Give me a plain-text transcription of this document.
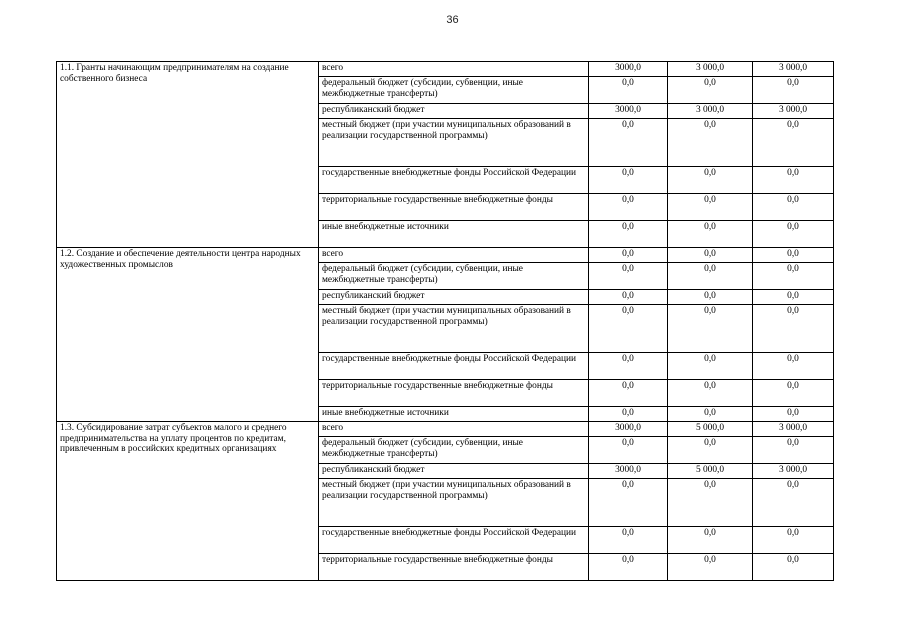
36
1.1. Гранты начинающим предпринимателям на создание собственного бизнеса	всего	3000,0	3 000,0	3 000,0
	федеральный бюджет (субсидии, субвенции, иные межбюджетные трансферты)	0,0	0,0	0,0
	республиканский бюджет	3000,0	3 000,0	3 000,0
	местный бюджет (при участии муниципальных образований в реализации государственной программы)	0,0	0,0	0,0
	государственные внебюджетные фонды Российской Федерации	0,0	0,0	0,0
	территориальные государственные внебюджетные фонды	0,0	0,0	0,0
	иные внебюджетные источники	0,0	0,0	0,0
1.2. Создание и обеспечение деятельности центра народных художественных промыслов	всего	0,0	0,0	0,0
	федеральный бюджет (субсидии, субвенции, иные межбюджетные трансферты)	0,0	0,0	0,0
	республиканский бюджет	0,0	0,0	0,0
	местный бюджет (при участии муниципальных образований в реализации государственной программы)	0,0	0,0	0,0
	государственные внебюджетные фонды Российской Федерации	0,0	0,0	0,0
	территориальные государственные внебюджетные фонды	0,0	0,0	0,0
	иные внебюджетные источники	0,0	0,0	0,0
1.3. Субсидирование затрат субъектов малого и среднего предпринимательства на уплату процентов по кредитам, привлеченным в российских кредитных организациях	всего	3000,0	5 000,0	3 000,0
	федеральный бюджет (субсидии, субвенции, иные межбюджетные трансферты)	0,0	0,0	0,0
	республиканский бюджет	3000,0	5 000,0	3 000,0
	местный бюджет (при участии муниципальных образований в реализации государственной программы)	0,0	0,0	0,0
	государственные внебюджетные фонды Российской Федерации	0,0	0,0	0,0
	территориальные государственные внебюджетные фонды	0,0	0,0	0,0
